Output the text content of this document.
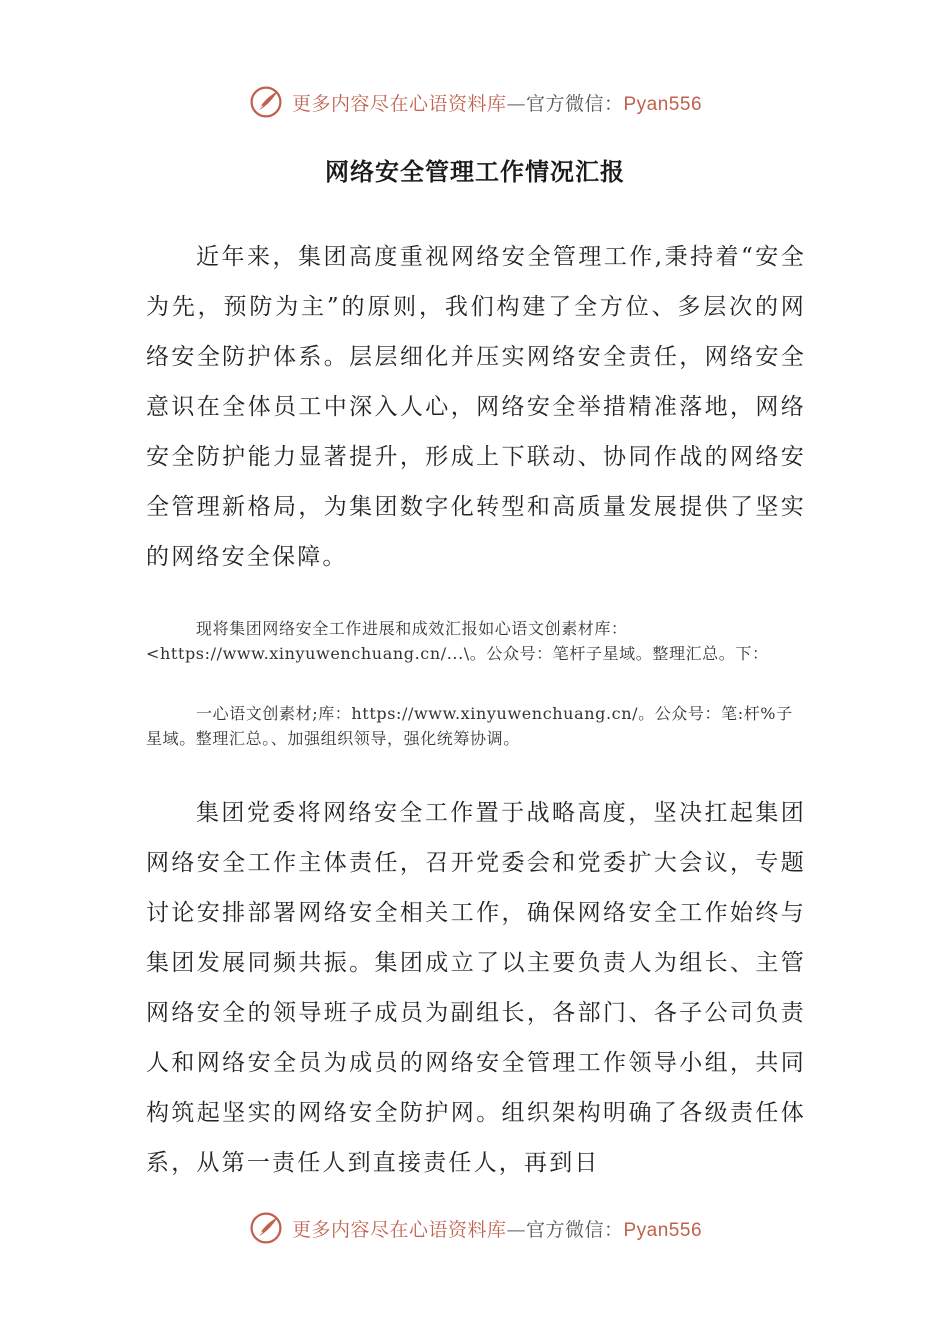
更多内容尽在心语资料库—官方微信：Pyan556
网络安全管理工作情况汇报

近年来，集团高度重视网络安全管理工作,秉持着“安全为先，预防为主”的原则，我们构建了全方位、多层次的网络安全防护体系。层层细化并压实网络安全责任，网络安全意识在全体员工中深入人心，网络安全举措精准落地，网络安全防护能力显著提升，形成上下联动、协同作战的网络安全管理新格局，为集团数字化转型和高质量发展提供了坚实的网络安全保障。

现将集团网络安全工作进展和成效汇报如心语文创素材库：<https://www.xinyuwenchuang.cn/...\。公众号：笔杆子星域。整理汇总。下：

一心语文创素材;库：https://www.xinyuwenchuang.cn/。公众号：笔:杆%子星域。整理汇总。、加强组织领导，强化统筹协调。

集团党委将网络安全工作置于战略高度，坚决扛起集团网络安全工作主体责任，召开党委会和党委扩大会议，专题讨论安排部署网络安全相关工作，确保网络安全工作始终与集团发展同频共振。集团成立了以主要负责人为组长、主管网络安全的领导班子成员为副组长，各部门、各子公司负责人和网络安全员为成员的网络安全管理工作领导小组，共同构筑起坚实的网络安全防护网。组织架构明确了各级责任体系，从第一责任人到直接责任人，再到日

更多内容尽在心语资料库—官方微信：Pyan556
